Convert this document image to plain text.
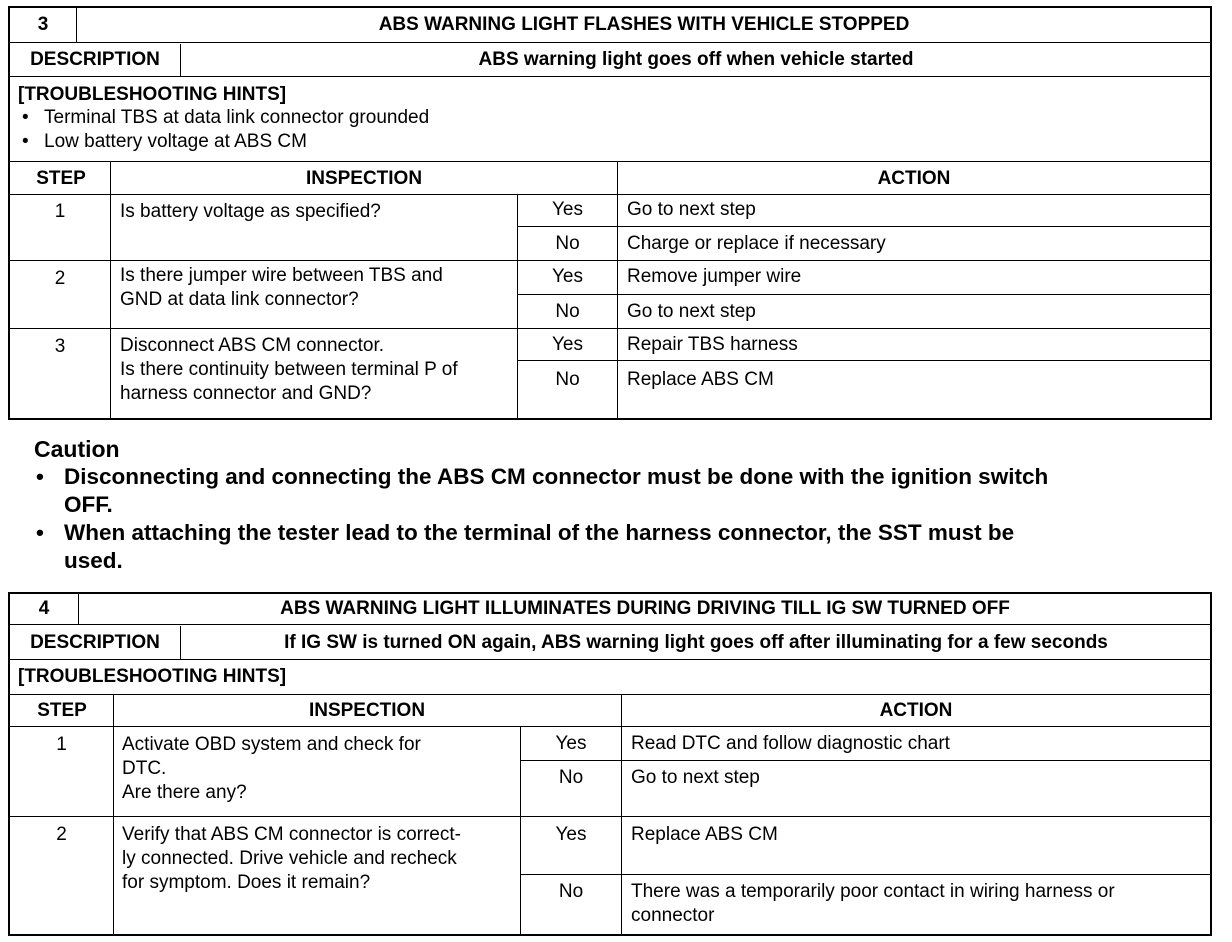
3	ABS WARNING LIGHT FLASHES WITH VEHICLE STOPPED
DESCRIPTION	ABS warning light goes off when vehicle started
[TROUBLESHOOTING HINTS]
• Terminal TBS at data link connector grounded
• Low battery voltage at ABS CM
STEP	INSPECTION	ACTION
1	Is battery voltage as specified?	Yes	Go to next step
No	Charge or replace if necessary
2	Is there jumper wire between TBS and
GND at data link connector?
Yes	Remove jumper wire
No	Go to next step
3	Disconnect ABS CM connector.
Is there continuity between terminal P of
harness connector and GND?
Yes	Repair TBS harness
No	Replace ABS CM
Caution
• Disconnecting and connecting the ABS CM connector must be done with the ignition switch
OFF.
• When attaching the tester lead to the terminal of the harness connector, the SST must be
used.
4	ABS WARNING LIGHT ILLUMINATES DURING DRIVING TILL IG SW TURNED OFF
DESCRIPTION	If IG SW is turned ON again, ABS warning light goes off after illuminating for a few seconds
[TROUBLESHOOTING HINTS]
STEP	INSPECTION	ACTION
1	Activate OBD system and check for
DTC.
Are there any?
Yes	Read DTC and follow diagnostic chart
No	Go to next step
2	Verify that ABS CM connector is correct-
ly connected. Drive vehicle and recheck
for symptom. Does it remain?
Yes	Replace ABS CM
No	There was a temporarily poor contact in wiring harness or
connector
